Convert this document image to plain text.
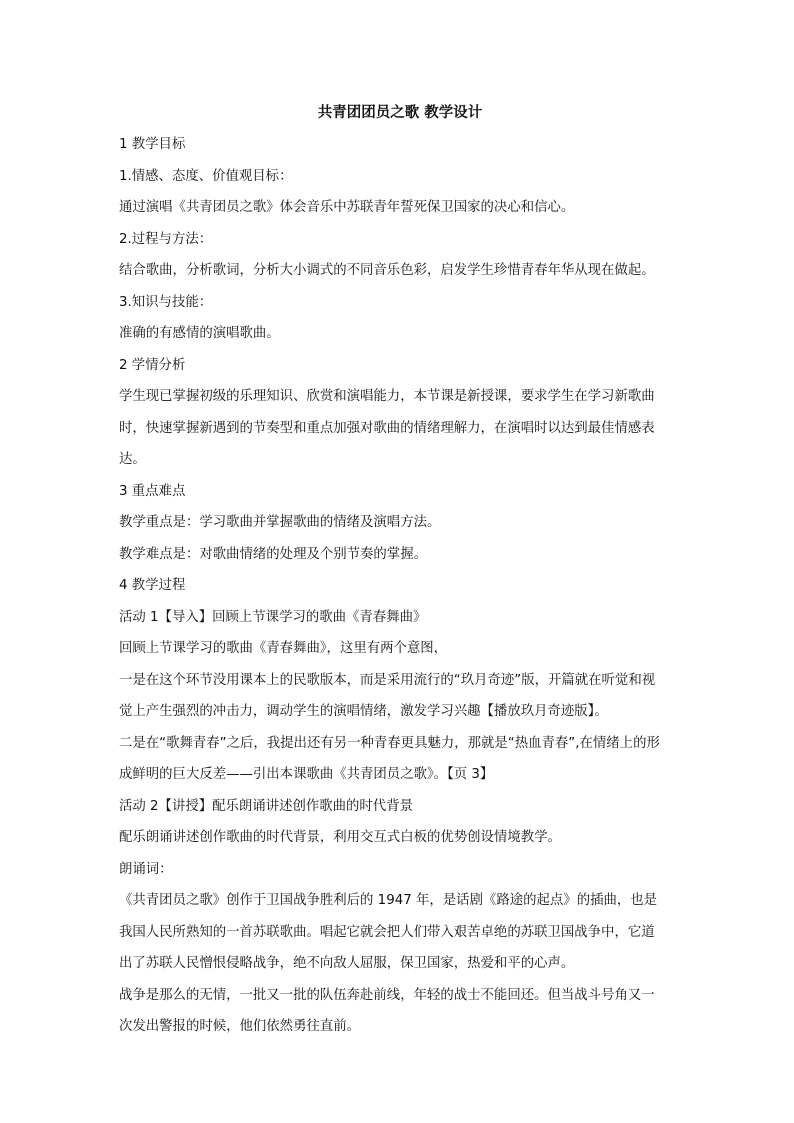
共青团团员之歌 教学设计
1 教学目标
1.情感、态度、价值观目标：
通过演唱《共青团员之歌》体会音乐中苏联青年誓死保卫国家的决心和信心。
2.过程与方法：
结合歌曲，分析歌词，分析大小调式的不同音乐色彩，启发学生珍惜青春年华从现在做起。
3.知识与技能：
准确的有感情的演唱歌曲。
2 学情分析
学生现已掌握初级的乐理知识、欣赏和演唱能力，本节课是新授课，要求学生在学习新歌曲
时，快速掌握新遇到的节奏型和重点加强对歌曲的情绪理解力，在演唱时以达到最佳情感表
达。
3 重点难点
教学重点是：学习歌曲并掌握歌曲的情绪及演唱方法。
教学难点是：对歌曲情绪的处理及个别节奏的掌握。
4 教学过程
活动 1【导入】回顾上节课学习的歌曲《青春舞曲》
回顾上节课学习的歌曲《青春舞曲》，这里有两个意图，
一是在这个环节没用课本上的民歌版本，而是采用流行的“玖月奇迹”版，开篇就在听觉和视
觉上产生强烈的冲击力，调动学生的演唱情绪，激发学习兴趣【播放玖月奇迹版】。
二是在“歌舞青春”之后，我提出还有另一种青春更具魅力，那就是“热血青春”,在情绪上的形
成鲜明的巨大反差——引出本课歌曲《共青团员之歌》。【页 3】
活动 2【讲授】配乐朗诵讲述创作歌曲的时代背景
配乐朗诵讲述创作歌曲的时代背景，利用交互式白板的优势创设情境教学。
朗诵词：
《共青团员之歌》创作于卫国战争胜利后的 1947 年，是话剧《路途的起点》的插曲，也是
我国人民所熟知的一首苏联歌曲。唱起它就会把人们带入艰苦卓绝的苏联卫国战争中，它道
出了苏联人民憎恨侵略战争，绝不向敌人屈服，保卫国家，热爱和平的心声。
战争是那么的无情，一批又一批的队伍奔赴前线，年轻的战士不能回还。但当战斗号角又一
次发出警报的时候，他们依然勇往直前。
